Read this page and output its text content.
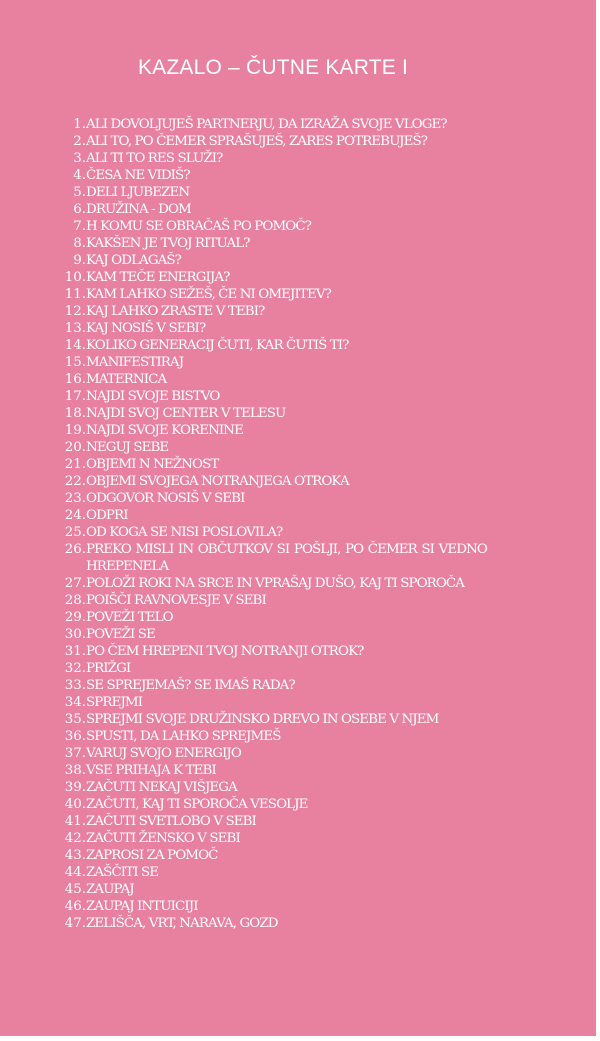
KAZALO – ČUTNE KARTE I
1. ALI DOVOLJUJEŠ PARTNERJU, DA IZRAŽA SVOJE VLOGE?
2. ALI TO, PO ČEMER SPRAŠUJEŠ, ZARES POTREBUJEŠ?
3. ALI TI TO RES SLUŽI?
4. ČESA NE VIDIŠ?
5. DELI LJUBEZEN
6. DRUŽINA - DOM
7. H KOMU SE OBRAČAŠ PO POMOČ?
8. KAKŠEN JE TVOJ RITUAL?
9. KAJ ODLAGAŠ?
10. KAM TEČE ENERGIJA?
11. KAM LAHKO SEŽEŠ, ČE NI OMEJITEV?
12. KAJ LAHKO ZRASTE V TEBI?
13. KAJ NOSIŠ V SEBI?
14. KOLIKO GENERACIJ ČUTI, KAR ČUTIŠ TI?
15. MANIFESTIRAJ
16. MATERNICA
17. NAJDI SVOJE BISTVO
18. NAJDI SVOJ CENTER V TELESU
19. NAJDI SVOJE KORENINE
20. NEGUJ SEBE
21. OBJEMI N NEŽNOST
22. OBJEMI SVOJEGA NOTRANJEGA OTROKA
23. ODGOVOR NOSIŠ V SEBI
24. ODPRI
25. OD KOGA SE NISI POSLOVILA?
26. PREKO MISLI IN OBČUTKOV SI POŠLJI, PO ČEMER SI VEDNO HREPENELA
27. POLOŽI ROKI NA SRCE IN VPRAŠAJ DUŠO, KAJ TI SPOROČA
28. POIŠČI RAVNOVESJE V SEBI
29. POVEŽI TELO
30. POVEŽI SE
31. PO ČEM HREPENI TVOJ NOTRANJI OTROK?
32. PRIŽGI
33. SE SPREJEMAŠ? SE IMAŠ RADA?
34. SPREJMI
35. SPREJMI SVOJE DRUŽINSKO DREVO IN OSEBE V NJEM
36. SPUSTI, DA LAHKO SPREJMEŠ
37. VARUJ SVOJO ENERGIJO
38. VSE PRIHAJA K TEBI
39. ZAČUTI NEKAJ VIŠJEGA
40. ZAČUTI, KAJ TI SPOROČA VESOLJE
41. ZAČUTI SVETLOBO V SEBI
42. ZAČUTI ŽENSKO V SEBI
43. ZAPROSI ZA POMOČ
44. ZAŠČITI SE
45. ZAUPAJ
46. ZAUPAJ INTUICIJI
47. ZELIŠČA, VRT, NARAVA, GOZD
